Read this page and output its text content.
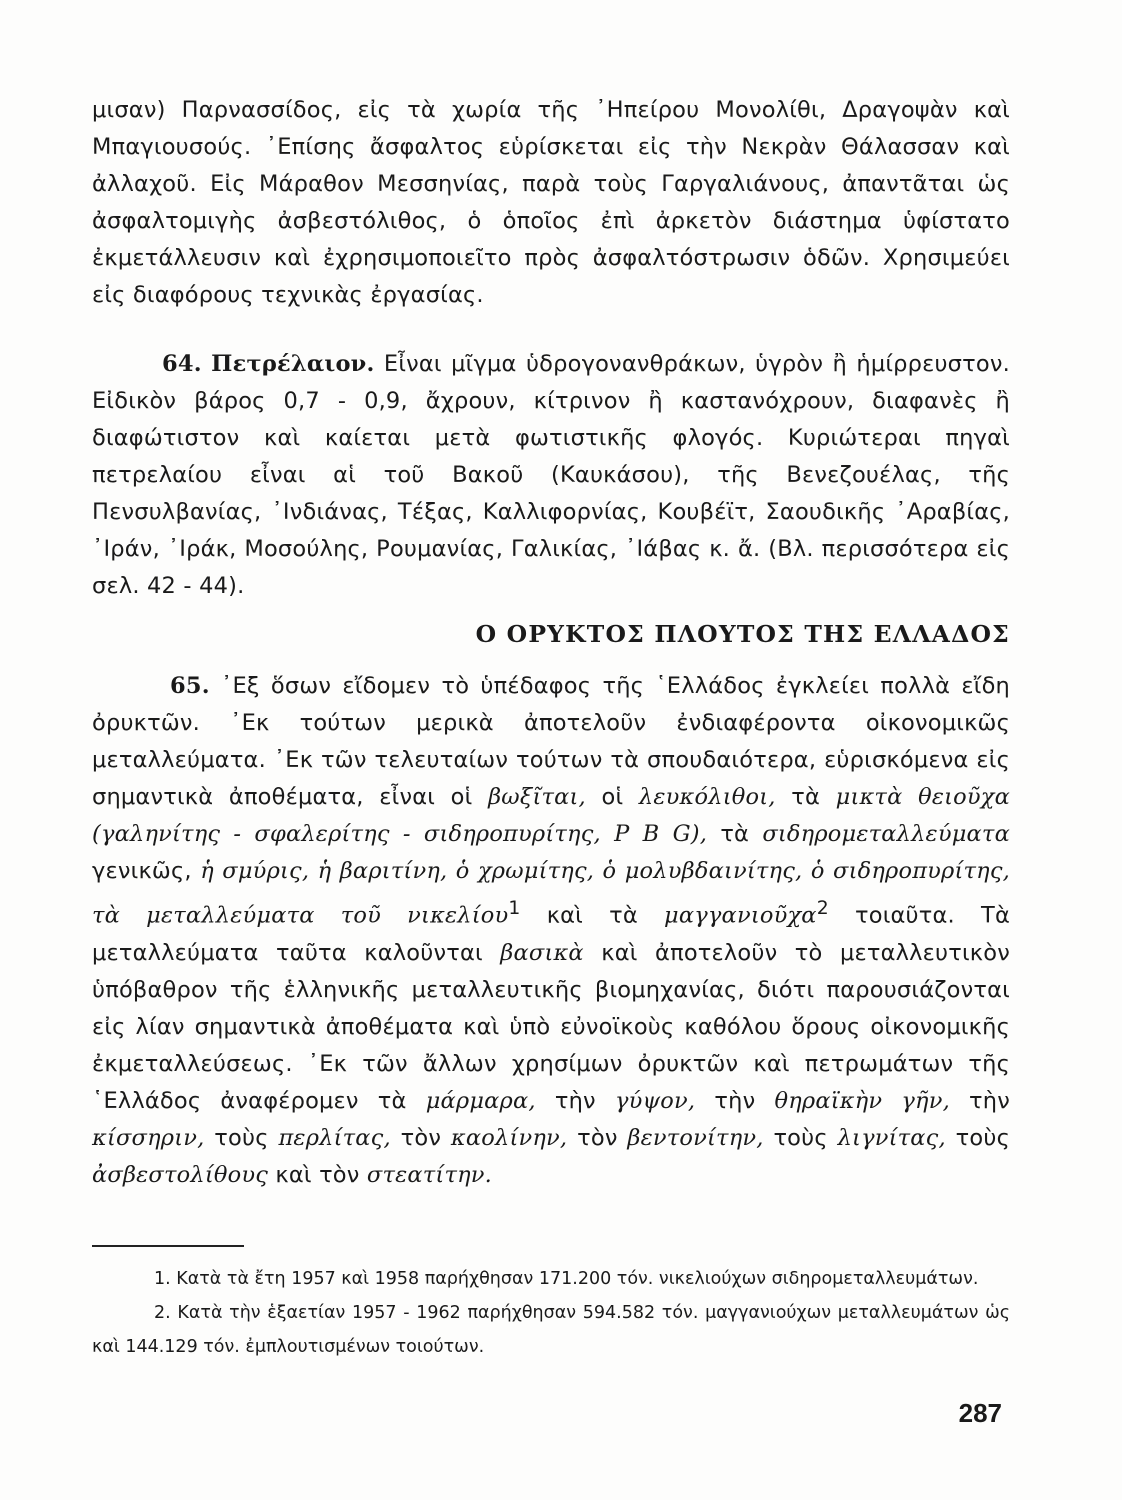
μισαν) Παρνασσίδος, εἰς τὰ χωρία τῆς ᾿Ηπείρου Μονολίθι, Δραγοψὰν καὶ Μπαγιουσούς. ᾿Επίσης ἄσφαλτος εὑρίσκεται εἰς τὴν Νεκρὰν Θάλασσαν καὶ ἀλλαχοῦ. Εἰς Μάραθον Μεσσηνίας, παρὰ τοὺς Γαργαλιάνους, ἀπαντᾶται ὡς ἀσφαλτομιγὴς ἀσβεστόλιθος, ὁ ὁποῖος ἐπὶ ἀρκετὸν διάστημα ὑφίστατο ἐκμετάλλευσιν καὶ ἐχρησιμοποιεῖτο πρὸς ἀσφαλτόστρωσιν ὁδῶν. Χρησιμεύει εἰς διαφόρους τεχνικὰς ἐργασίας.

64. Πετρέλαιον. Εἶναι μῖγμα ὑδρογονανθράκων, ὑγρὸν ἢ ἡμίρρευστον. Εἰδικὸν βάρος 0,7 - 0,9, ἄχρουν, κίτρινον ἢ καστανόχρουν, διαφανὲς ἢ διαφώτιστον καὶ καίεται μετὰ φωτιστικῆς φλογός. Κυριώτεραι πηγαὶ πετρελαίου εἶναι αἱ τοῦ Βακοῦ (Καυκάσου), τῆς Βενεζουέλας, τῆς Πενσυλβανίας, ᾿Ινδιάνας, Τέξας, Καλλιφορνίας, Κουβέϊτ, Σαουδικῆς ᾿Αραβίας, ᾿Ιράν, ᾿Ιράκ, Μοσούλης, Ρουμανίας, Γαλικίας, ᾿Ιάβας κ. ἄ. (Βλ. περισσότερα εἰς σελ. 42 - 44).

Ο ΟΡΥΚΤΟΣ ΠΛΟΥΤΟΣ ΤΗΣ ΕΛΛΑΔΟΣ

65. ᾿Εξ ὅσων εἴδομεν τὸ ὑπέδαφος τῆς ῾Ελλάδος ἐγκλείει πολλὰ εἴδη ὀρυκτῶν. ᾿Εκ τούτων μερικὰ ἀποτελοῦν ἐνδιαφέροντα οἰκονομικῶς μεταλλεύματα. ᾿Εκ τῶν τελευταίων τούτων τὰ σπουδαιότερα, εὑρισκόμενα εἰς σημαντικὰ ἀποθέματα, εἶναι οἱ βωξῖται, οἱ λευκόλιθοι, τὰ μικτὰ θειοῦχα (γαληνίτης - σφαλερίτης - σιδηροπυρίτης, P B G), τὰ σιδηρομεταλλεύματα γενικῶς, ἡ σμύρις, ἡ βαριτίνη, ὁ χρωμίτης, ὁ μολυβδαινίτης, ὁ σιδηροπυρίτης, τὰ μεταλλεύματα τοῦ νικελίου$^1$ καὶ τὰ μαγγανιοῦχα$^2$ τοιαῦτα. Τὰ μεταλλεύματα ταῦτα καλοῦνται βασικὰ καὶ ἀποτελοῦν τὸ μεταλλευτικὸν ὑπόβαθρον τῆς ἑλληνικῆς μεταλλευτικῆς βιομηχανίας, διότι παρουσιάζονται εἰς λίαν σημαντικὰ ἀποθέματα καὶ ὑπὸ εὐνοϊκοὺς καθόλου ὅρους οἰκονομικῆς ἐκμεταλλεύσεως. ᾿Εκ τῶν ἄλλων χρησίμων ὀρυκτῶν καὶ πετρωμάτων τῆς ῾Ελλάδος ἀναφέρομεν τὰ μάρμαρα, τὴν γύψον, τὴν θηραϊκὴν γῆν, τὴν κίσσηριν, τοὺς περλίτας, τὸν καολίνην, τὸν βεντονίτην, τοὺς λιγνίτας, τοὺς ἀσβεστολίθους καὶ τὸν στεατίτην.

1. Κατὰ τὰ ἔτη 1957 καὶ 1958 παρήχθησαν 171.200 τόν. νικελιούχων σιδηρομεταλλευμάτων.

2. Κατὰ τὴν ἑξαετίαν 1957 - 1962 παρήχθησαν 594.582 τόν. μαγγανιούχων μεταλλευμάτων ὡς καὶ 144.129 τόν. ἐμπλουτισμένων τοιούτων.

287
